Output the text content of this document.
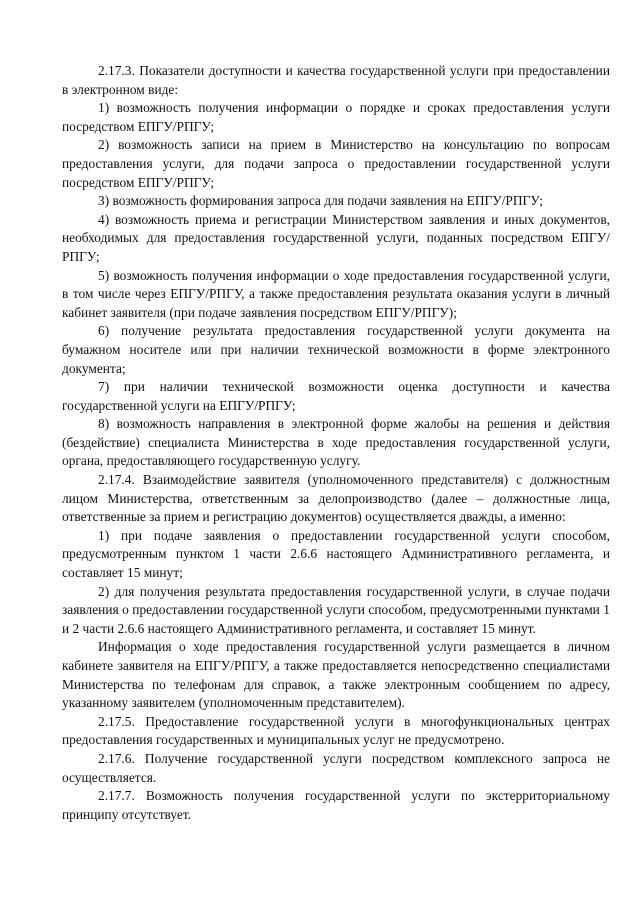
2.17.3. Показатели доступности и качества государственной услуги при предоставлении в электронном виде:

1) возможность получения информации о порядке и сроках предоставления услуги посредством ЕПГУ/РПГУ;

2) возможность записи на прием в Министерство на консультацию по вопросам предоставления услуги, для подачи запроса о предоставлении государственной услуги посредством ЕПГУ/РПГУ;

3) возможность формирования запроса для подачи заявления на ЕПГУ/РПГУ;

4) возможность приема и регистрации Министерством заявления и иных документов, необходимых для предоставления государственной услуги, поданных посредством ЕПГУ/РПГУ;

5) возможность получения информации о ходе предоставления государственной услуги, в том числе через ЕПГУ/РПГУ, а также предоставления результата оказания услуги в личный кабинет заявителя (при подаче заявления посредством ЕПГУ/РПГУ);

6) получение результата предоставления государственной услуги документа на бумажном носителе или при наличии технической возможности в форме электронного документа;

7) при наличии технической возможности оценка доступности и качества государственной услуги на ЕПГУ/РПГУ;

8) возможность направления в электронной форме жалобы на решения и действия (бездействие) специалиста Министерства в ходе предоставления государственной услуги, органа, предоставляющего государственную услугу.

2.17.4. Взаимодействие заявителя (уполномоченного представителя) с должностным лицом Министерства, ответственным за делопроизводство (далее – должностные лица, ответственные за прием и регистрацию документов) осуществляется дважды, а именно:

1) при подаче заявления о предоставлении государственной услуги способом, предусмотренным пунктом 1 части 2.6.6 настоящего Административного регламента, и составляет 15 минут;

2) для получения результата предоставления государственной услуги, в случае подачи заявления о предоставлении государственной услуги способом, предусмотренными пунктами 1 и 2 части 2.6.6 настоящего Административного регламента, и составляет 15 минут.

Информация о ходе предоставления государственной услуги размещается в личном кабинете заявителя на ЕПГУ/РПГУ, а также предоставляется непосредственно специалистами Министерства по телефонам для справок, а также электронным сообщением по адресу, указанному заявителем (уполномоченным представителем).

2.17.5. Предоставление государственной услуги в многофункциональных центрах предоставления государственных и муниципальных услуг не предусмотрено.

2.17.6. Получение государственной услуги посредством комплексного запроса не осуществляется.

2.17.7. Возможность получения государственной услуги по экстерриториальному принципу отсутствует.
